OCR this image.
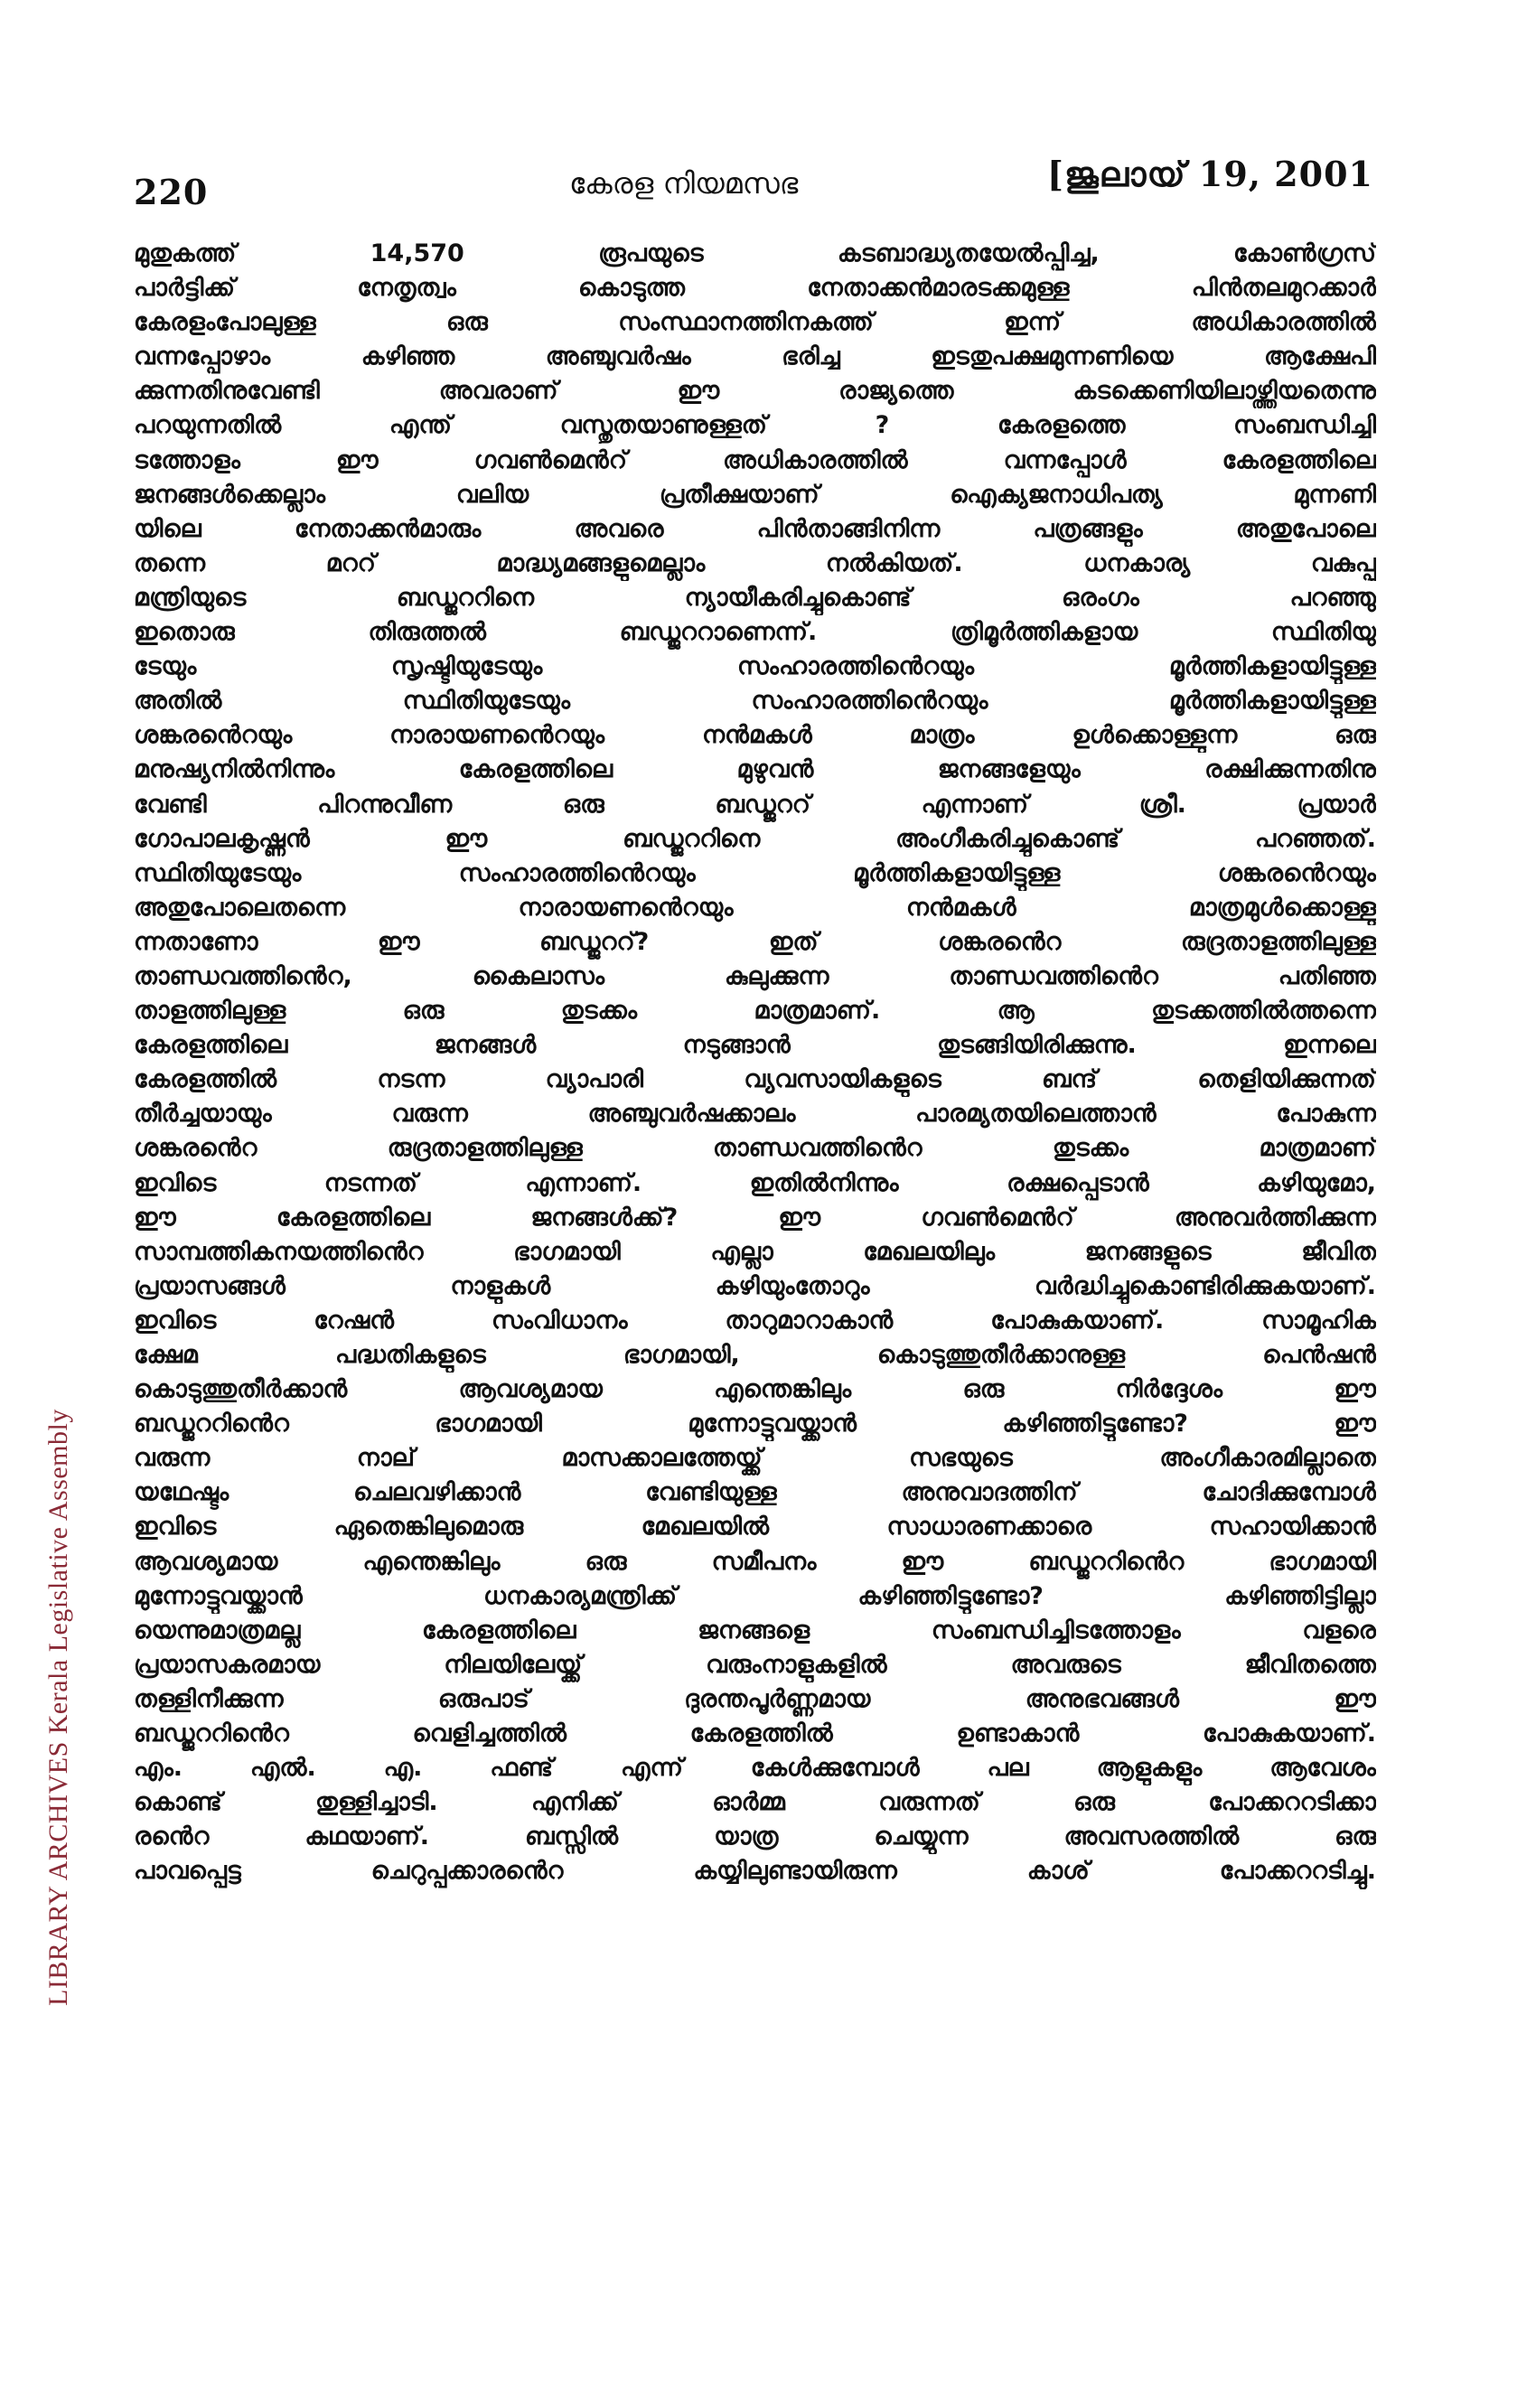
220	കേരള നിയമസഭ	[ജൂലായ് 19, 2001
മുതുകത്ത് 14,570 രൂപയുടെ കടബാദ്ധ്യതയേൽപ്പിച്ച, കോൺഗ്രസ്
പാർട്ടിക്ക് നേതൃത്വം കൊടുത്ത നേതാക്കൻമാരടക്കമുള്ള പിൻതലമുറക്കാർ
കേരളംപോലുള്ള ഒരു സംസ്ഥാനത്തിനകത്ത് ഇന്ന് അധികാരത്തിൽ
വന്നപ്പോഴാം കഴിഞ്ഞ അഞ്ചുവർഷം ഭരിച്ച ഇടതുപക്ഷമുന്നണിയെ ആക്ഷേപി
ക്കുന്നതിനുവേണ്ടി അവരാണ് ഈ രാജ്യത്തെ കടക്കെണിയിലാഴ്ത്തിയതെന്നു
പറയുന്നതിൽ എന്ത് വസ്തുതയാണുള്ളത് ? കേരളത്തെ സംബന്ധിച്ചി
ടത്തോളം ഈ ഗവൺമെൻറ് അധികാരത്തിൽ വന്നപ്പോൾ കേരളത്തിലെ
ജനങ്ങൾക്കെല്ലാം വലിയ പ്രതീക്ഷയാണ് ഐക്യജനാധിപത്യ മുന്നണി
യിലെ നേതാക്കൻമാരും അവരെ പിൻതാങ്ങിനിന്ന പത്രങ്ങളും അതുപോലെ
തന്നെ മററ് മാദ്ധ്യമങ്ങളുമെല്ലാം നൽകിയത്. ധനകാര്യ വകുപ്പു
മന്ത്രിയുടെ ബഡ്ജററിനെ ന്യായീകരിച്ചുകൊണ്ട് ഒരംഗം പറഞ്ഞു
ഇതൊരു തിരുത്തൽ ബഡ്ജററാണെന്ന്. ത്രിമൂർത്തികളായ സ്ഥിതിയു
ടേയും സൃഷ്ടിയുടേയും സംഹാരത്തിൻെറയും മൂർത്തികളായിട്ടുള്ള
അതിൽ സ്ഥിതിയുടേയും സംഹാരത്തിൻെറയും മൂർത്തികളായിട്ടുള്ള
ശങ്കരൻെറയും നാരായണൻെറയും നൻമകൾ മാത്രം ഉൾക്കൊള്ളുന്ന ഒരു
മനുഷ്യനിൽനിന്നും കേരളത്തിലെ മുഴുവൻ ജനങ്ങളേയും രക്ഷിക്കുന്നതിനു
വേണ്ടി പിറന്നുവീണ ഒരു ബഡ്ജററ് എന്നാണ് ശ്രീ. പ്രയാർ
ഗോപാലകൃഷ്ണൻ ഈ ബഡ്ജററിനെ അംഗീകരിച്ചുകൊണ്ട് പറഞ്ഞത്.
സ്ഥിതിയുടേയും സംഹാരത്തിൻെറയും മൂർത്തികളായിട്ടുള്ള ശങ്കരൻെറയും
അതുപോലെതന്നെ നാരായണൻെറയും നൻമകൾ മാത്രമുൾക്കൊള്ളു
ന്നതാണോ ഈ ബഡ്ജററ്? ഇത് ശങ്കരൻെറ രുദ്രതാളത്തിലുള്ള
താണ്ഡവത്തിൻെറ, കൈലാസം കുലുക്കുന്ന താണ്ഡവത്തിൻെറ പതിഞ്ഞ
താളത്തിലുള്ള ഒരു തുടക്കം മാത്രമാണ്. ആ തുടക്കത്തിൽത്തന്നെ
കേരളത്തിലെ ജനങ്ങൾ നടുങ്ങാൻ തുടങ്ങിയിരിക്കുന്നു. ഇന്നലെ
കേരളത്തിൽ നടന്ന വ്യാപാരി വ്യവസായികളുടെ ബന്ദ് തെളിയിക്കുന്നത്
തീർച്ചയായും വരുന്ന അഞ്ചുവർഷക്കാലം പാരമ്യതയിലെത്താൻ പോകുന്ന
ശങ്കരൻെറ രുദ്രതാളത്തിലുള്ള താണ്ഡവത്തിൻെറ തുടക്കം മാത്രമാണ്
ഇവിടെ നടന്നത് എന്നാണ്. ഇതിൽനിന്നും രക്ഷപ്പെടാൻ കഴിയുമോ,
ഈ കേരളത്തിലെ ജനങ്ങൾക്ക്? ഈ ഗവൺമെൻറ് അനുവർത്തിക്കുന്ന
സാമ്പത്തികനയത്തിൻെറ ഭാഗമായി എല്ലാ മേഖലയിലും ജനങ്ങളുടെ ജീവിത
പ്രയാസങ്ങൾ നാളുകൾ കഴിയുംതോറും വർദ്ധിച്ചുകൊണ്ടിരിക്കുകയാണ്.
ഇവിടെ റേഷൻ സംവിധാനം താറുമാറാകാൻ പോകുകയാണ്. സാമൂഹിക
ക്ഷേമ പദ്ധതികളുടെ ഭാഗമായി, കൊടുത്തുതീർക്കാനുള്ള പെൻഷൻ
കൊടുത്തുതീർക്കാൻ ആവശ്യമായ എന്തെങ്കിലും ഒരു നിർദ്ദേശം ഈ
ബഡ്ജററിൻെറ ഭാഗമായി മുന്നോട്ടുവയ്ക്കാൻ കഴിഞ്ഞിട്ടുണ്ടോ? ഈ
വരുന്ന നാല് മാസക്കാലത്തേയ്ക്ക് സഭയുടെ അംഗീകാരമില്ലാതെ
യഥേഷ്ടം ചെലവഴിക്കാൻ വേണ്ടിയുള്ള അനുവാദത്തിന് ചോദിക്കുമ്പോൾ
ഇവിടെ ഏതെങ്കിലുമൊരു മേഖലയിൽ സാധാരണക്കാരെ സഹായിക്കാൻ
ആവശ്യമായ എന്തെങ്കിലും ഒരു സമീപനം ഈ ബഡ്ജററിൻെറ ഭാഗമായി
മുന്നോട്ടുവയ്ക്കാൻ ധനകാര്യമന്ത്രിക്ക് കഴിഞ്ഞിട്ടുണ്ടോ? കഴിഞ്ഞിട്ടില്ലാ
യെന്നുമാത്രമല്ല കേരളത്തിലെ ജനങ്ങളെ സംബന്ധിച്ചിടത്തോളം വളരെ
പ്രയാസകരമായ നിലയിലേയ്ക്ക് വരുംനാളുകളിൽ അവരുടെ ജീവിതത്തെ
തള്ളിനീക്കുന്ന ഒരുപാട് ദുരന്തപൂർണ്ണമായ അനുഭവങ്ങൾ ഈ
ബഡ്ജററിൻെറ വെളിച്ചത്തിൽ കേരളത്തിൽ ഉണ്ടാകാൻ പോകുകയാണ്.
എം. എൽ. എ. ഫണ്ട് എന്ന് കേൾക്കുമ്പോൾ പല ആളുകളും ആവേശം
കൊണ്ട് തുള്ളിച്ചാടി. എനിക്ക് ഓർമ്മ വരുന്നത് ഒരു പോക്കററടിക്കാ
രൻെറ കഥയാണ്. ബസ്സിൽ യാത്ര ചെയ്യുന്ന അവസരത്തിൽ ഒരു
പാവപ്പെട്ട ചെറുപ്പക്കാരൻെറ കയ്യിലുണ്ടായിരുന്ന കാശ് പോക്കററടിച്ചു.
LIBRARY ARCHIVES Kerala Legislative Assembly
